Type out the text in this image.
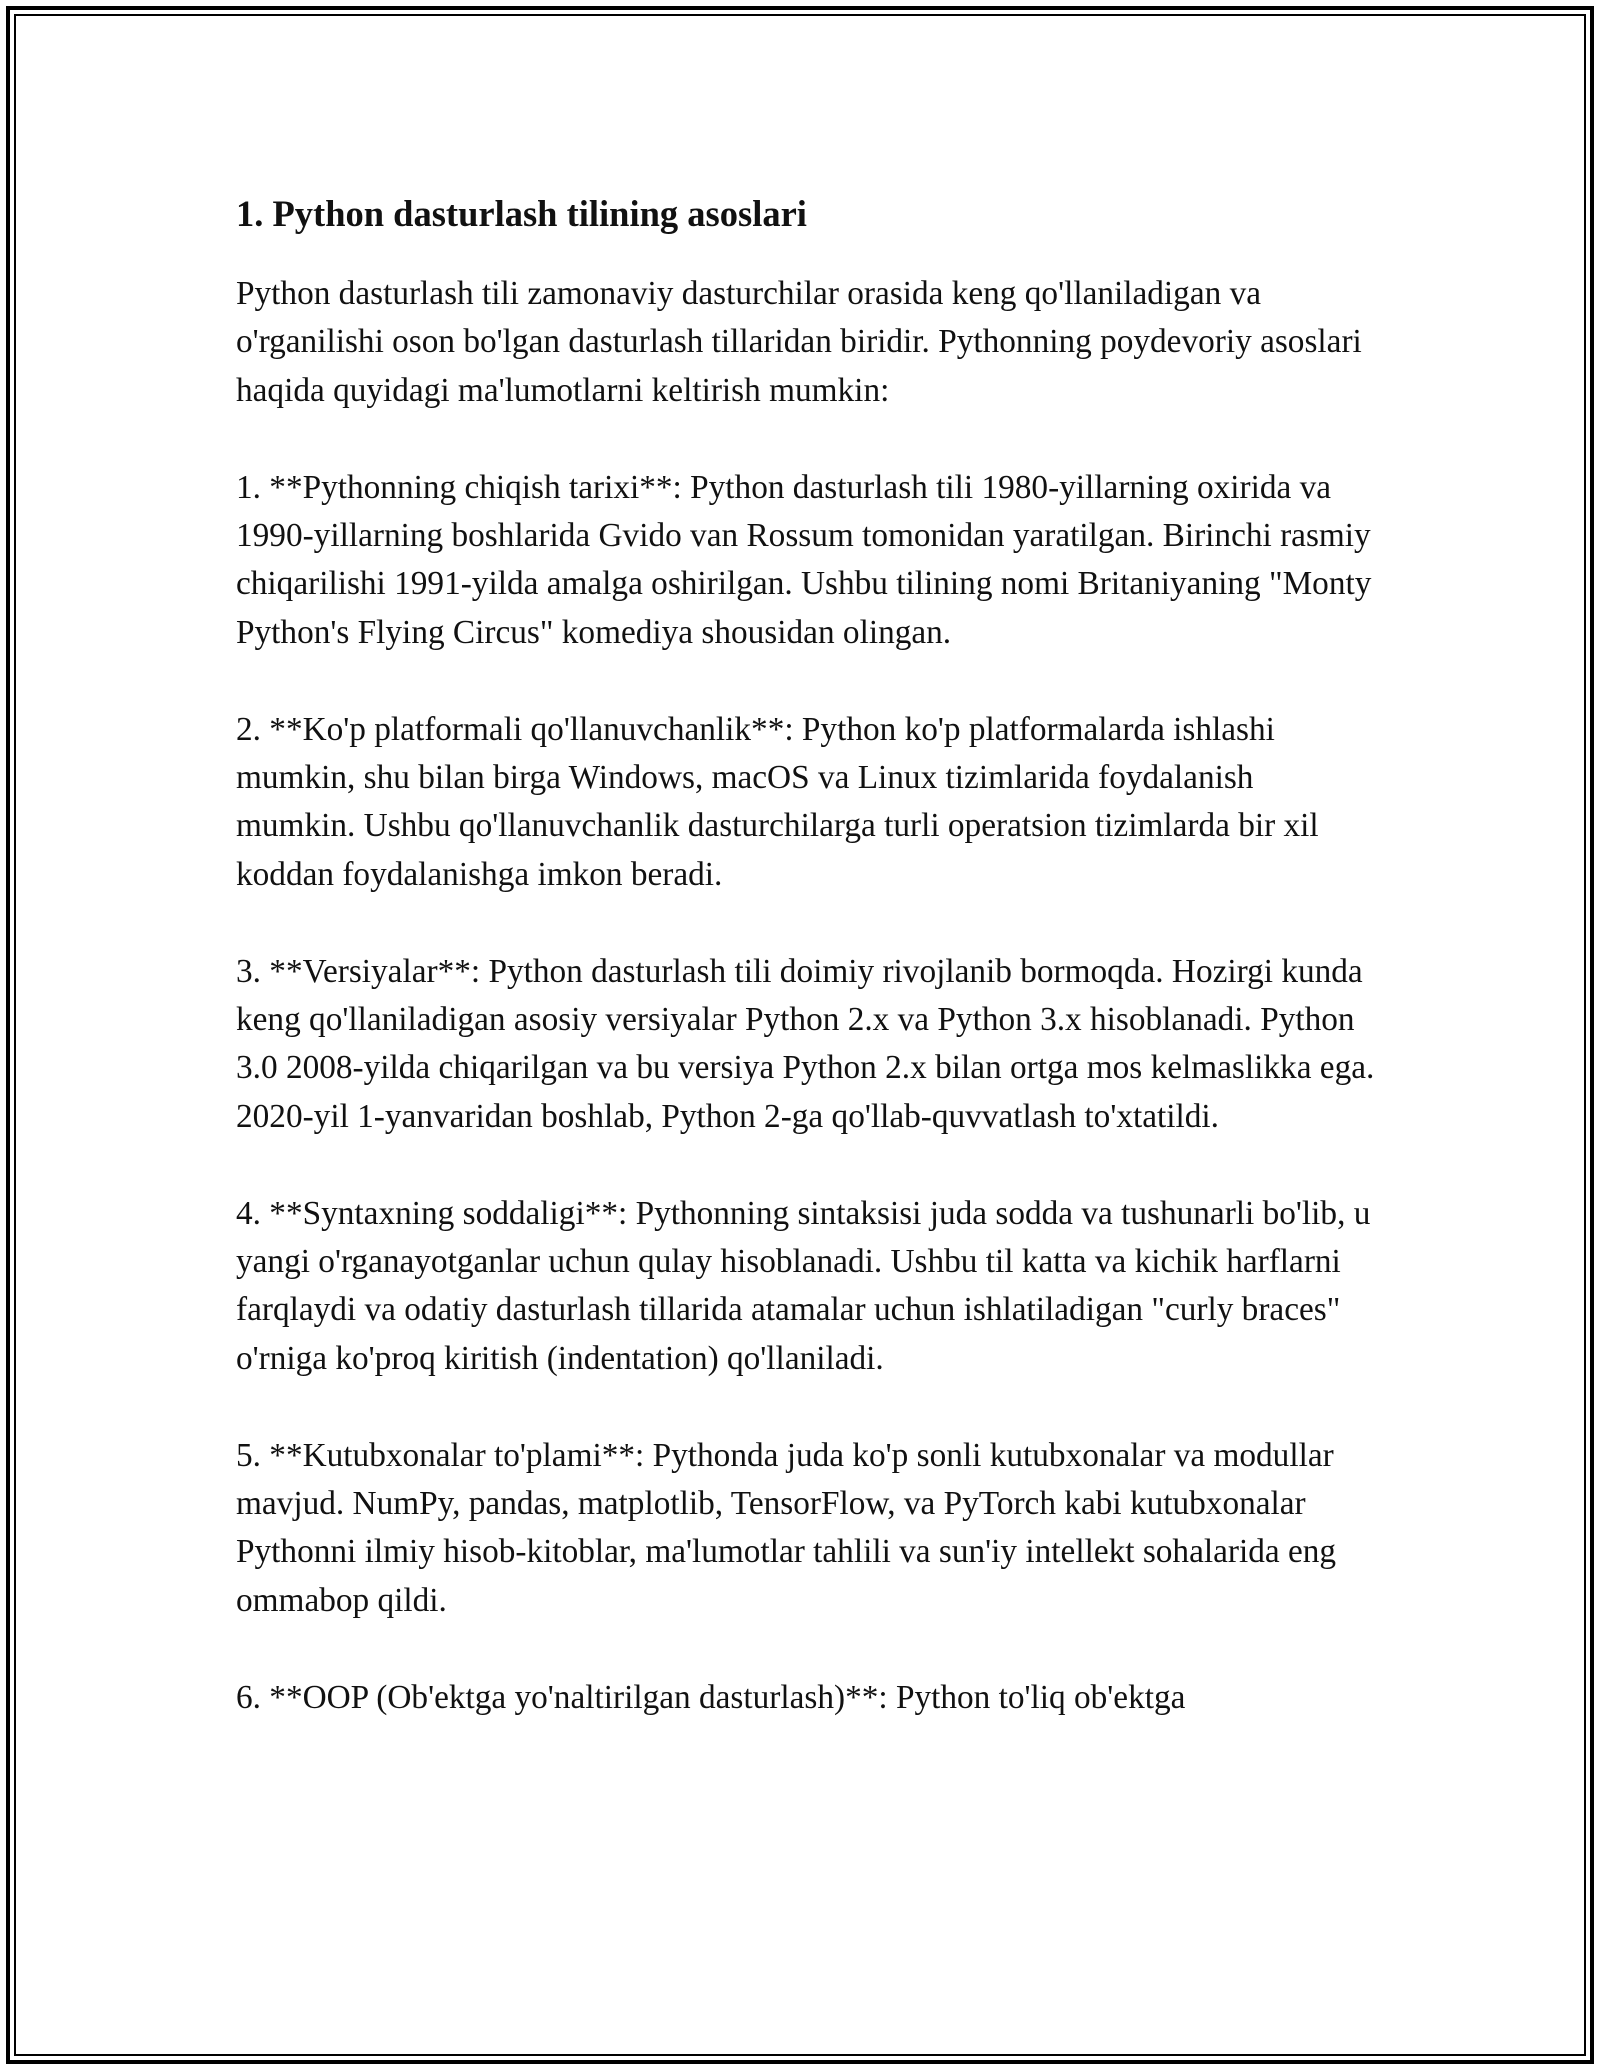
1. Python dasturlash tilining asoslari

Python dasturlash tili zamonaviy dasturchilar orasida keng qo'llaniladigan va o'rganilishi oson bo'lgan dasturlash tillaridan biridir. Pythonning poydevoriy asoslari haqida quyidagi ma'lumotlarni keltirish mumkin:

1. **Pythonning chiqish tarixi**: Python dasturlash tili 1980-yillarning oxirida va 1990-yillarning boshlarida Gvido van Rossum tomonidan yaratilgan. Birinchi rasmiy chiqarilishi 1991-yilda amalga oshirilgan. Ushbu tilining nomi Britaniyaning "Monty Python's Flying Circus" komediya shousidan olingan.

2. **Ko'p platformali qo'llanuvchanlik**: Python ko'p platformalarda ishlashi mumkin, shu bilan birga Windows, macOS va Linux tizimlarida foydalanish mumkin. Ushbu qo'llanuvchanlik dasturchilarga turli operatsion tizimlarda bir xil koddan foydalanishga imkon beradi.

3. **Versiyalar**: Python dasturlash tili doimiy rivojlanib bormoqda. Hozirgi kunda keng qo'llaniladigan asosiy versiyalar Python 2.x va Python 3.x hisoblanadi. Python 3.0 2008-yilda chiqarilgan va bu versiya Python 2.x bilan ortga mos kelmaslikka ega. 2020-yil 1-yanvaridan boshlab, Python 2-ga qo'llab-quvvatlash to'xtatildi.

4. **Syntaxning soddaligi**: Pythonning sintaksisi juda sodda va tushunarli bo'lib, u yangi o'rganayotganlar uchun qulay hisoblanadi. Ushbu til katta va kichik harflarni farqlaydi va odatiy dasturlash tillarida atamalar uchun ishlatiladigan "curly braces" o'rniga ko'proq kiritish (indentation) qo'llaniladi.

5. **Kutubxonalar to'plami**: Pythonda juda ko'p sonli kutubxonalar va modullar mavjud. NumPy, pandas, matplotlib, TensorFlow, va PyTorch kabi kutubxonalar Pythonni ilmiy hisob-kitoblar, ma'lumotlar tahlili va sun'iy intellekt sohalarida eng ommabop qildi.

6. **OOP (Ob'ektga yo'naltirilgan dasturlash)**: Python to'liq ob'ektga
